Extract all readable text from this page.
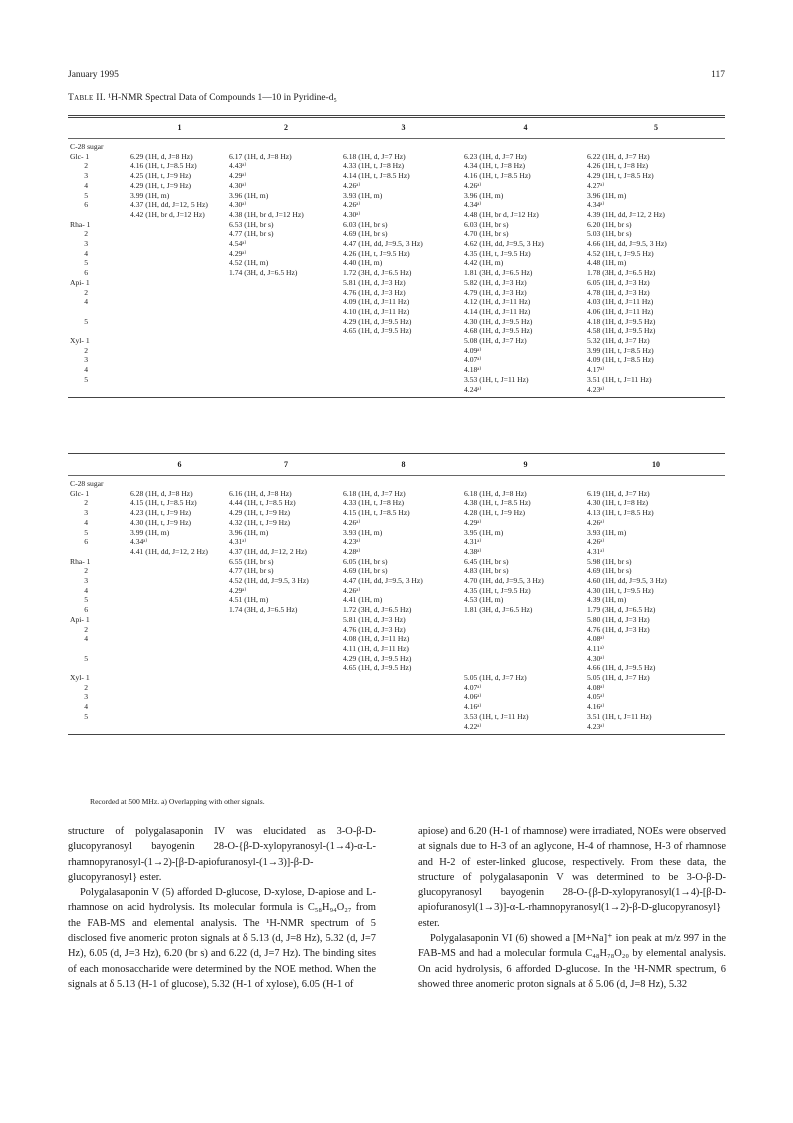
January 1995	117
Table II. ¹H-NMR Spectral Data of Compounds 1—10 in Pyridine-d₅
	1	2	3	4	5
C-28 sugar					
Glc- 1	6.29 (1H, d, J=8 Hz)	6.17 (1H, d, J=8 Hz)	6.18 (1H, d, J=7 Hz)	6.23 (1H, d, J=7 Hz)	6.22 (1H, d, J=7 Hz)
2	4.16 (1H, t, J=8.5 Hz)	4.43ᵃ⁾	4.33 (1H, t, J=8 Hz)	4.34 (1H, t, J=8 Hz)	4.26 (1H, t, J=8 Hz)
3	4.25 (1H, t, J=9 Hz)	4.29ᵃ⁾	4.14 (1H, t, J=8.5 Hz)	4.16 (1H, t, J=8.5 Hz)	4.29 (1H, t, J=8.5 Hz)
4	4.29 (1H, t, J=9 Hz)	4.30ᵃ⁾	4.26ᵃ⁾	4.26ᵃ⁾	4.27ᵃ⁾
5	3.99 (1H, m)	3.96 (1H, m)	3.93 (1H, m)	3.96 (1H, m)	3.96 (1H, m)
6	4.37 (1H, dd, J=12, 5 Hz)	4.30ᵃ⁾	4.26ᵃ⁾	4.34ᵃ⁾	4.34ᵃ⁾
	4.42 (1H, br d, J=12 Hz)	4.38 (1H, br d, J=12 Hz)	4.30ᵃ⁾	4.48 (1H, br d, J=12 Hz)	4.39 (1H, dd, J=12, 2 Hz)
Rha- 1		6.53 (1H, br s)	6.03 (1H, br s)	6.03 (1H, br s)	6.20 (1H, br s)
2		4.77 (1H, br s)	4.69 (1H, br s)	4.70 (1H, br s)	5.03 (1H, br s)
3		4.54ᵃ⁾	4.47 (1H, dd, J=9.5, 3 Hz)	4.62 (1H, dd, J=9.5, 3 Hz)	4.66 (1H, dd, J=9.5, 3 Hz)
4		4.29ᵃ⁾	4.26 (1H, t, J=9.5 Hz)	4.35 (1H, t, J=9.5 Hz)	4.52 (1H, t, J=9.5 Hz)
5		4.52 (1H, m)	4.40 (1H, m)	4.42 (1H, m)	4.48 (1H, m)
6		1.74 (3H, d, J=6.5 Hz)	1.72 (3H, d, J=6.5 Hz)	1.81 (3H, d, J=6.5 Hz)	1.78 (3H, d, J=6.5 Hz)
Api- 1			5.81 (1H, d, J=3 Hz)	5.82 (1H, d, J=3 Hz)	6.05 (1H, d, J=3 Hz)
2			4.76 (1H, d, J=3 Hz)	4.79 (1H, d, J=3 Hz)	4.78 (1H, d, J=3 Hz)
4			4.09 (1H, d, J=11 Hz)	4.12 (1H, d, J=11 Hz)	4.03 (1H, d, J=11 Hz)
			4.10 (1H, d, J=11 Hz)	4.14 (1H, d, J=11 Hz)	4.06 (1H, d, J=11 Hz)
5			4.29 (1H, d, J=9.5 Hz)	4.30 (1H, d, J=9.5 Hz)	4.18 (1H, d, J=9.5 Hz)
			4.65 (1H, d, J=9.5 Hz)	4.68 (1H, d, J=9.5 Hz)	4.58 (1H, d, J=9.5 Hz)
Xyl- 1				5.08 (1H, d, J=7 Hz)	5.32 (1H, d, J=7 Hz)
2				4.09ᵃ⁾	3.99 (1H, t, J=8.5 Hz)
3				4.07ᵃ⁾	4.09 (1H, t, J=8.5 Hz)
4				4.18ᵃ⁾	4.17ᵃ⁾
5				3.53 (1H, t, J=11 Hz)	3.51 (1H, t, J=11 Hz)
				4.24ᵃ⁾	4.23ᵃ⁾
	6	7	8	9	10
C-28 sugar					
Glc- 1	6.28 (1H, d, J=8 Hz)	6.16 (1H, d, J=8 Hz)	6.18 (1H, d, J=7 Hz)	6.18 (1H, d, J=8 Hz)	6.19 (1H, d, J=7 Hz)
2	4.15 (1H, t, J=8.5 Hz)	4.44 (1H, t, J=8.5 Hz)	4.33 (1H, t, J=8 Hz)	4.38 (1H, t, J=8.5 Hz)	4.30 (1H, t, J=8 Hz)
3	4.23 (1H, t, J=9 Hz)	4.29 (1H, t, J=9 Hz)	4.15 (1H, t, J=8.5 Hz)	4.28 (1H, t, J=9 Hz)	4.13 (1H, t, J=8.5 Hz)
4	4.30 (1H, t, J=9 Hz)	4.32 (1H, t, J=9 Hz)	4.26ᵃ⁾	4.29ᵃ⁾	4.26ᵃ⁾
5	3.99 (1H, m)	3.96 (1H, m)	3.93 (1H, m)	3.95 (1H, m)	3.93 (1H, m)
6	4.34ᵃ⁾	4.31ᵃ⁾	4.23ᵃ⁾	4.31ᵃ⁾	4.26ᵃ⁾
	4.41 (1H, dd, J=12, 2 Hz)	4.37 (1H, dd, J=12, 2 Hz)	4.28ᵃ⁾	4.38ᵃ⁾	4.31ᵃ⁾
Rha- 1		6.55 (1H, br s)	6.05 (1H, br s)	6.45 (1H, br s)	5.98 (1H, br s)
2		4.77 (1H, br s)	4.69 (1H, br s)	4.83 (1H, br s)	4.69 (1H, br s)
3		4.52 (1H, dd, J=9.5, 3 Hz)	4.47 (1H, dd, J=9.5, 3 Hz)	4.70 (1H, dd, J=9.5, 3 Hz)	4.60 (1H, dd, J=9.5, 3 Hz)
4		4.29ᵃ⁾	4.26ᵃ⁾	4.35 (1H, t, J=9.5 Hz)	4.30 (1H, t, J=9.5 Hz)
5		4.51 (1H, m)	4.41 (1H, m)	4.53 (1H, m)	4.39 (1H, m)
6		1.74 (3H, d, J=6.5 Hz)	1.72 (3H, d, J=6.5 Hz)	1.81 (3H, d, J=6.5 Hz)	1.79 (3H, d, J=6.5 Hz)
Api- 1			5.81 (1H, d, J=3 Hz)		5.80 (1H, d, J=3 Hz)
2			4.76 (1H, d, J=3 Hz)		4.76 (1H, d, J=3 Hz)
4			4.08 (1H, d, J=11 Hz)		4.08ᵃ⁾
			4.11 (1H, d, J=11 Hz)		4.11ᵃ⁾
5			4.29 (1H, d, J=9.5 Hz)		4.30ᵃ⁾
			4.65 (1H, d, J=9.5 Hz)		4.66 (1H, d, J=9.5 Hz)
Xyl- 1				5.05 (1H, d, J=7 Hz)	5.05 (1H, d, J=7 Hz)
2				4.07ᵃ⁾	4.08ᵃ⁾
3				4.06ᵃ⁾	4.05ᵃ⁾
4				4.16ᵃ⁾	4.16ᵃ⁾
5				3.53 (1H, t, J=11 Hz)	3.51 (1H, t, J=11 Hz)
				4.22ᵃ⁾	4.23ᵃ⁾
Recorded at 500 MHz. a) Overlapping with other signals.

structure of polygalasaponin IV was elucidated as 3-O-β-D-glucopyranosyl bayogenin 28-O-{β-D-xylopyranosyl-(1→4)-α-L-rhamnopyranosyl-(1→2)-[β-D-apiofuranosyl-(1→3)]-β-D-glucopyranosyl} ester.

Polygalasaponin V (5) afforded D-glucose, D-xylose, D-apiose and L-rhamnose on acid hydrolysis. Its molecular formula is C₅₈H₉₄O₂₇ from the FAB-MS and elemental analysis. The ¹H-NMR spectrum of 5 disclosed five anomeric proton signals at δ 5.13 (d, J=8 Hz), 5.32 (d, J=7 Hz), 6.05 (d, J=3 Hz), 6.20 (br s) and 6.22 (d, J=7 Hz). The binding sites of each monosaccharide were determined by the NOE method. When the signals at δ 5.13 (H-1 of glucose), 5.32 (H-1 of xylose), 6.05 (H-1 of

apiose) and 6.20 (H-1 of rhamnose) were irradiated, NOEs were observed at signals due to H-3 of an aglycone, H-4 of rhamnose, H-3 of rhamnose and H-2 of ester-linked glucose, respectively. From these data, the structure of polygalasaponin V was determined to be 3-O-β-D-glucopyranosyl bayogenin 28-O-{β-D-xylopyranosyl(1→4)-[β-D-apiofuranosyl(1→3)]-α-L-rhamnopyranosyl(1→2)-β-D-glucopyranosyl} ester.

Polygalasaponin VI (6) showed a [M+Na]⁺ ion peak at m/z 997 in the FAB-MS and had a molecular formula C₄₈H₇₈O₂₀ by elemental analysis. On acid hydrolysis, 6 afforded D-glucose. In the ¹H-NMR spectrum, 6 showed three anomeric proton signals at δ 5.06 (d, J=8 Hz), 5.32
